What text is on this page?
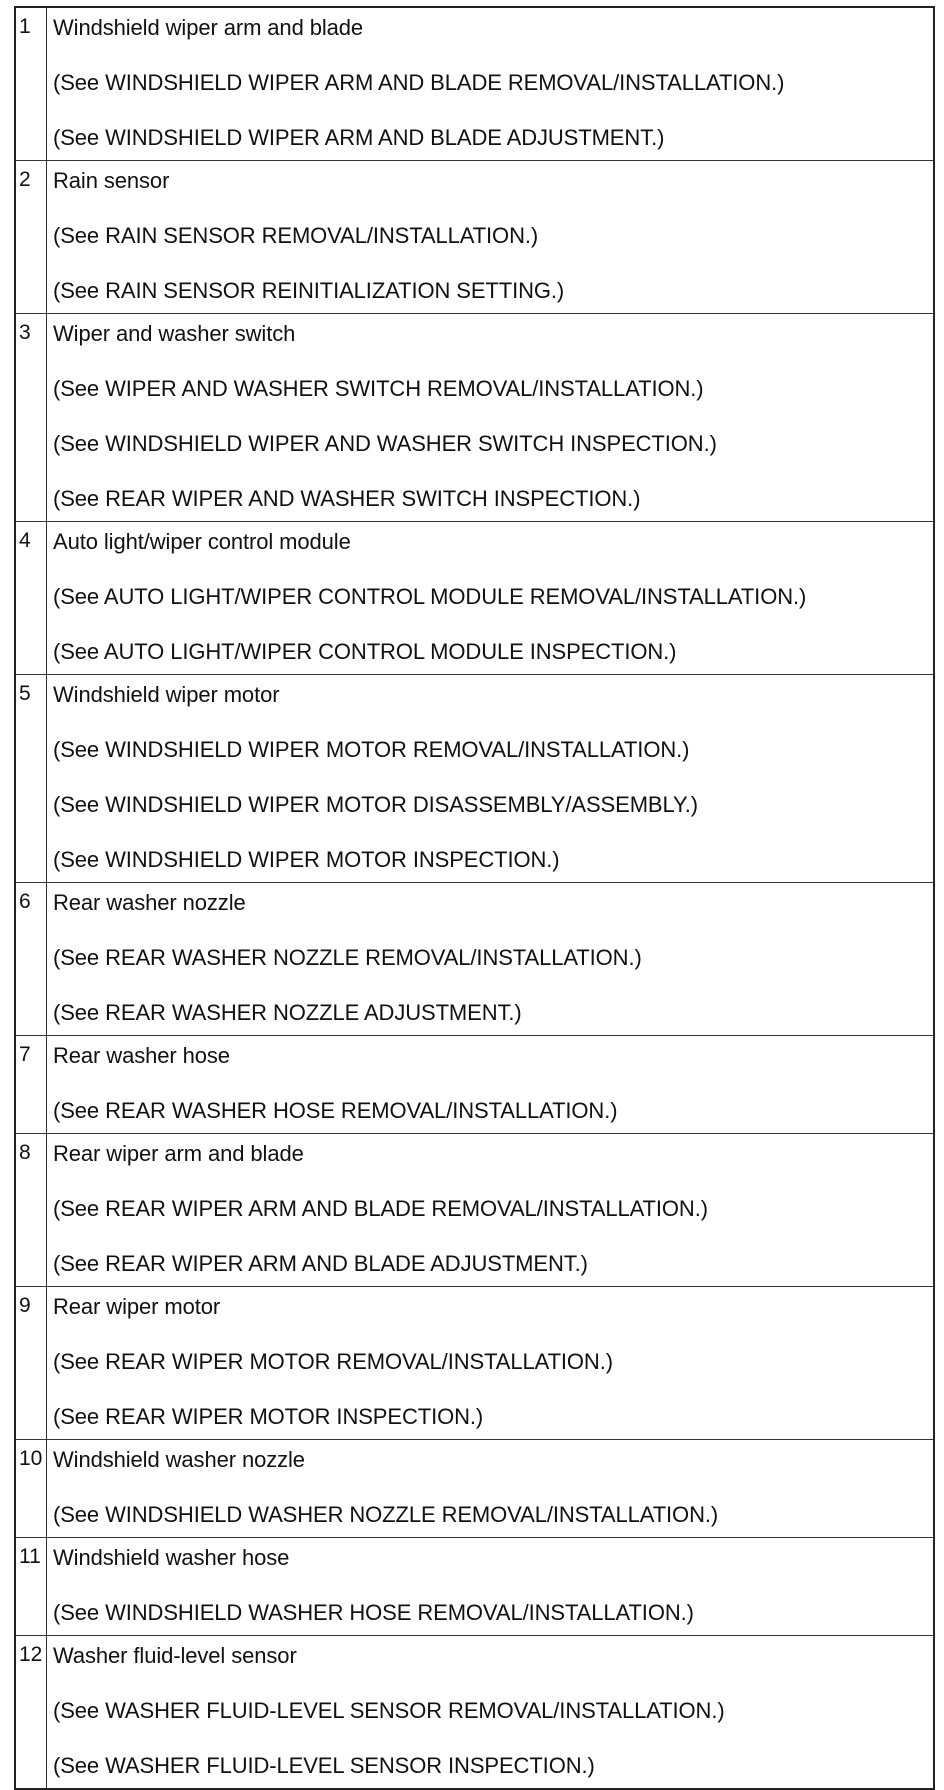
1	Windshield wiper arm and blade
(See WINDSHIELD WIPER ARM AND BLADE REMOVAL/INSTALLATION.)
(See WINDSHIELD WIPER ARM AND BLADE ADJUSTMENT.)
2	Rain sensor
(See RAIN SENSOR REMOVAL/INSTALLATION.)
(See RAIN SENSOR REINITIALIZATION SETTING.)
3	Wiper and washer switch
(See WIPER AND WASHER SWITCH REMOVAL/INSTALLATION.)
(See WINDSHIELD WIPER AND WASHER SWITCH INSPECTION.)
(See REAR WIPER AND WASHER SWITCH INSPECTION.)
4	Auto light/wiper control module
(See AUTO LIGHT/WIPER CONTROL MODULE REMOVAL/INSTALLATION.)
(See AUTO LIGHT/WIPER CONTROL MODULE INSPECTION.)
5	Windshield wiper motor
(See WINDSHIELD WIPER MOTOR REMOVAL/INSTALLATION.)
(See WINDSHIELD WIPER MOTOR DISASSEMBLY/ASSEMBLY.)
(See WINDSHIELD WIPER MOTOR INSPECTION.)
6	Rear washer nozzle
(See REAR WASHER NOZZLE REMOVAL/INSTALLATION.)
(See REAR WASHER NOZZLE ADJUSTMENT.)
7	Rear washer hose
(See REAR WASHER HOSE REMOVAL/INSTALLATION.)
8	Rear wiper arm and blade
(See REAR WIPER ARM AND BLADE REMOVAL/INSTALLATION.)
(See REAR WIPER ARM AND BLADE ADJUSTMENT.)
9	Rear wiper motor
(See REAR WIPER MOTOR REMOVAL/INSTALLATION.)
(See REAR WIPER MOTOR INSPECTION.)
10 Windshield washer nozzle
(See WINDSHIELD WASHER NOZZLE REMOVAL/INSTALLATION.)
11 Windshield washer hose
(See WINDSHIELD WASHER HOSE REMOVAL/INSTALLATION.)
12 Washer fluid-level sensor
(See WASHER FLUID-LEVEL SENSOR REMOVAL/INSTALLATION.)
(See WASHER FLUID-LEVEL SENSOR INSPECTION.)
